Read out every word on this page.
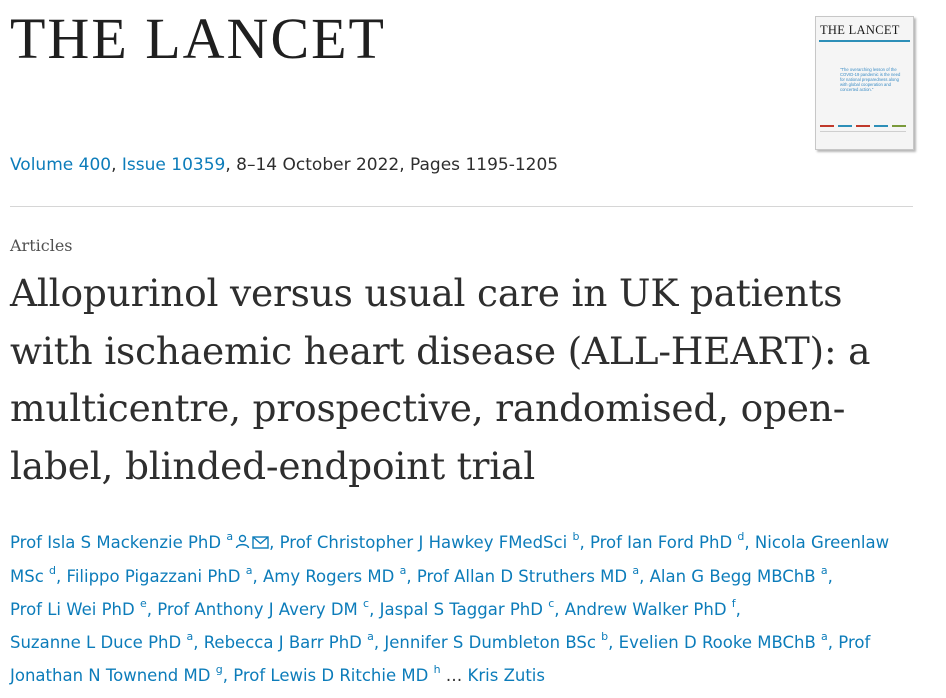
THE LANCET	THE LANCET
"The overarching lesson of the COVID-19 pandemic is the need for national preparedness along with global cooperation and concerted action."
Volume 400, Issue 10359, 8–14 October 2022, Pages 1195-1205
Articles
Allopurinol versus usual care in UK patients with ischaemic heart disease (ALL-HEART): a multicentre, prospective, randomised, open-label, blinded-endpoint trial
Prof Isla S Mackenzie PhD $^a$ , Prof Christopher J Hawkey FMedSci $^b$, Prof Ian Ford PhD $^d$, Nicola Greenlaw MSc $^d$, Filippo Pigazzani PhD $^a$, Amy Rogers MD $^a$, Prof Allan D Struthers MD $^a$, Alan G Begg MBChB $^a$, Prof Li Wei PhD $^e$, Prof Anthony J Avery DM $^c$, Jaspal S Taggar PhD $^c$, Andrew Walker PhD $^f$, Suzanne L Duce PhD $^a$, Rebecca J Barr PhD $^a$, Jennifer S Dumbleton BSc $^b$, Evelien D Rooke MBChB $^a$, Prof Jonathan N Townend MD $^g$, Prof Lewis D Ritchie MD $^h$ … Kris Zutis
